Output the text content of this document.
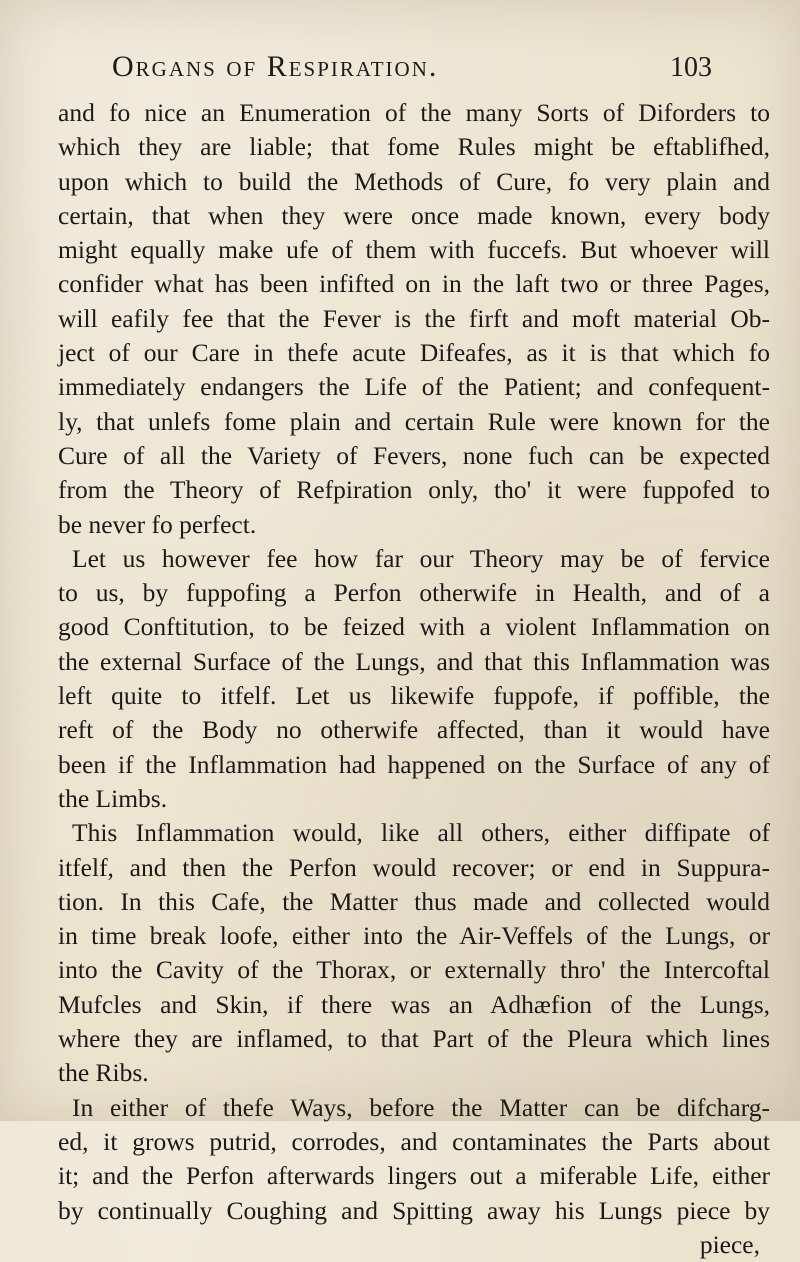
Organs of Respiration.	103
and fo nice an Enumeration of the many Sorts of Diforders to
which they are liable; that fome Rules might be eftablifhed,
upon which to build the Methods of Cure, fo very plain and
certain, that when they were once made known, every body
might equally make ufe of them with fuccefs. But whoever will
confider what has been infifted on in the laft two or three Pages,
will eafily fee that the Fever is the firft and moft material Ob-
ject of our Care in thefe acute Difeafes, as it is that which fo
immediately endangers the Life of the Patient; and confequent-
ly, that unlefs fome plain and certain Rule were known for the
Cure of all the Variety of Fevers, none fuch can be expected
from the Theory of Refpiration only, tho' it were fuppofed to
be never fo perfect.
Let us however fee how far our Theory may be of fervice
to us, by fuppofing a Perfon otherwife in Health, and of a
good Conftitution, to be feized with a violent Inflammation on
the external Surface of the Lungs, and that this Inflammation was
left quite to itfelf. Let us likewife fuppofe, if poffible, the
reft of the Body no otherwife affected, than it would have
been if the Inflammation had happened on the Surface of any of
the Limbs.
This Inflammation would, like all others, either diffipate of
itfelf, and then the Perfon would recover; or end in Suppura-
tion. In this Cafe, the Matter thus made and collected would
in time break loofe, either into the Air-Veffels of the Lungs, or
into the Cavity of the Thorax, or externally thro' the Intercoftal
Mufcles and Skin, if there was an Adhæfion of the Lungs,
where they are inflamed, to that Part of the Pleura which lines
the Ribs.
In either of thefe Ways, before the Matter can be difcharg-
ed, it grows putrid, corrodes, and contaminates the Parts about
it; and the Perfon afterwards lingers out a miferable Life, either
by continually Coughing and Spitting away his Lungs piece by
piece,
